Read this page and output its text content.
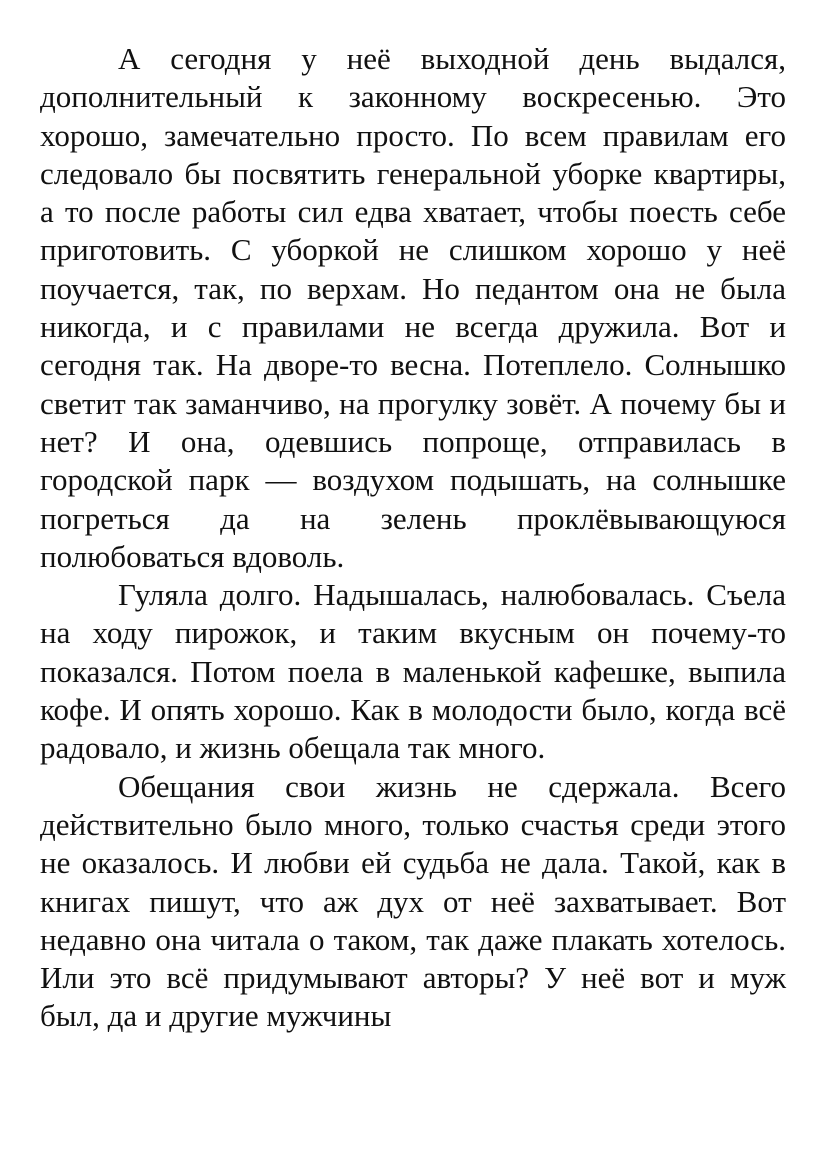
А сегодня у неё выходной день выдался, дополнительный к законному воскресенью. Это хорошо, замечательно просто. По всем правилам его следовало бы посвятить генеральной уборке квартиры, а то после работы сил едва хватает, чтобы поесть себе приготовить. С уборкой не слишком хорошо у неё поучается, так, по верхам. Но педантом она не была никогда, и с правилами не всегда дружила. Вот и сегодня так. На дворе-то весна. Потеплело. Солнышко светит так заманчиво, на прогулку зовёт. А почему бы и нет? И она, одевшись попроще, отправилась в городской парк — воздухом подышать, на солнышке погреться да на зелень проклёвывающуюся полюбоваться вдоволь.

Гуляла долго. Надышалась, налюбовалась. Съела на ходу пирожок, и таким вкусным он почему-то показался. Потом поела в маленькой кафешке, выпила кофе. И опять хорошо. Как в молодости было, когда всё радовало, и жизнь обещала так много.

Обещания свои жизнь не сдержала. Всего действительно было много, только счастья среди этого не оказалось. И любви ей судьба не дала. Такой, как в книгах пишут, что аж дух от неё захватывает. Вот недавно она читала о таком, так даже плакать хотелось. Или это всё придумывают авторы? У неё вот и муж был, да и другие мужчины
